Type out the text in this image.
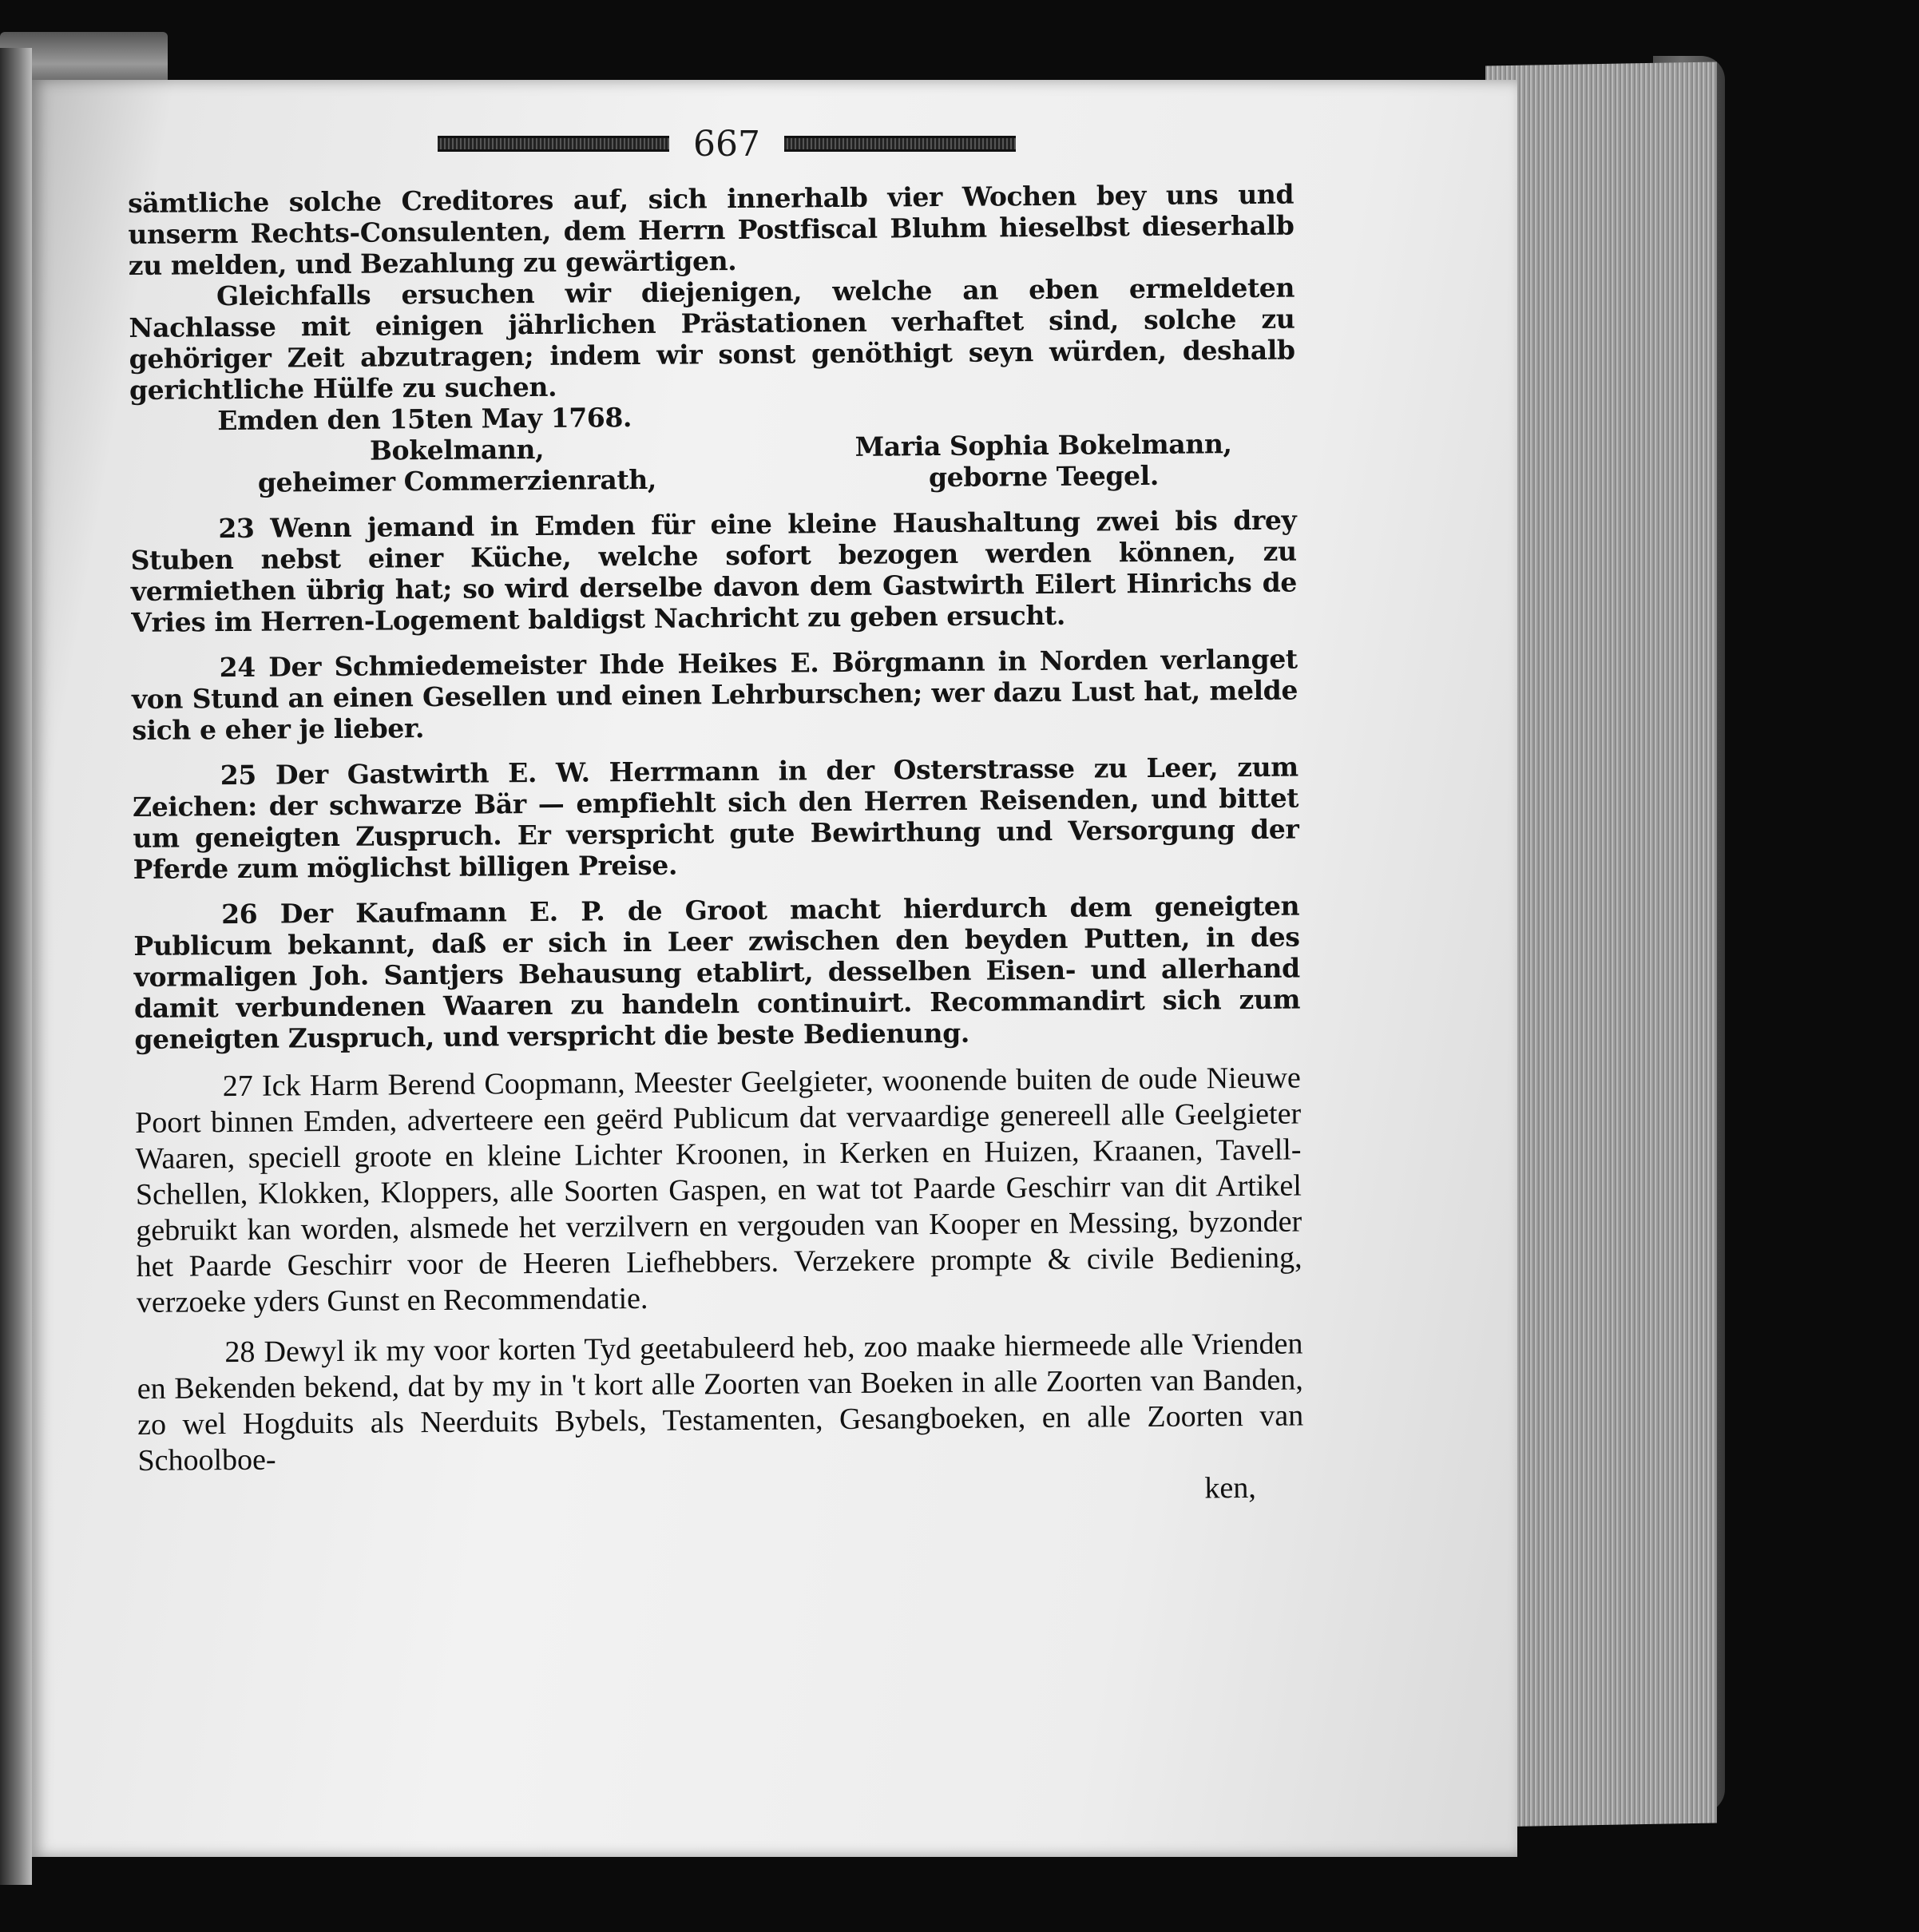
667

sämtliche solche Creditores auf, sich innerhalb vier Wochen bey uns und unserm Rechts-Consulenten, dem Herrn Postfiscal Bluhm hieselbst dieserhalb zu melden, und Bezahlung zu gewärtigen.

Gleichfalls ersuchen wir diejenigen, welche an eben ermeldeten Nachlasse mit einigen jährlichen Prästationen verhaftet sind, solche zu gehöriger Zeit abzutragen; indem wir sonst genöthigt seyn würden, deshalb gerichtliche Hülfe zu suchen.

Emden den 15ten May 1768.

Bokelmann,
geheimer Commerzienrath,
Maria Sophia Bokelmann,
geborne Teegel.

23 Wenn jemand in Emden für eine kleine Haushaltung zwei bis drey Stuben nebst einer Küche, welche sofort bezogen werden können, zu vermiethen übrig hat; so wird derselbe davon dem Gastwirth Eilert Hinrichs de Vries im Herren-Logement baldigst Nachricht zu geben ersucht.

24 Der Schmiedemeister Ihde Heikes E. Börgmann in Norden verlanget von Stund an einen Gesellen und einen Lehrburschen; wer dazu Lust hat, melde sich e eher je lieber.

25 Der Gastwirth E. W. Herrmann in der Osterstrasse zu Leer, zum Zeichen: der schwarze Bär — empfiehlt sich den Herren Reisenden, und bittet um geneigten Zuspruch. Er verspricht gute Bewirthung und Versorgung der Pferde zum möglichst billigen Preise.

26 Der Kaufmann E. P. de Groot macht hierdurch dem geneigten Publicum bekannt, daß er sich in Leer zwischen den beyden Putten, in des vormaligen Joh. Santjers Behausung etablirt, desselben Eisen- und allerhand damit verbundenen Waaren zu handeln continuirt. Recommandirt sich zum geneigten Zuspruch, und verspricht die beste Bedienung.

27 Ick Harm Berend Coopmann, Meester Geelgieter, woonende buiten de oude Nieuwe Poort binnen Emden, adverteere een geërd Publicum dat vervaardige genereell alle Geelgieter Waaren, speciell groote en kleine Lichter Kroonen, in Kerken en Huizen, Kraanen, Tavell-Schellen, Klokken, Kloppers, alle Soorten Gaspen, en wat tot Paarde Geschirr van dit Artikel gebruikt kan worden, alsmede het verzilvern en vergouden van Kooper en Messing, byzonder het Paarde Geschirr voor de Heeren Liefhebbers. Verzekere prompte & civile Bediening, verzoeke yders Gunst en Recommendatie.

28 Dewyl ik my voor korten Tyd geetabuleerd heb, zoo maake hiermeede alle Vrienden en Bekenden bekend, dat by my in 't kort alle Zoorten van Boeken in alle Zoorten van Banden, zo wel Hogduits als Neerduits Bybels, Testamenten, Gesangboeken, en alle Zoorten van Schoolboe-

ken,
